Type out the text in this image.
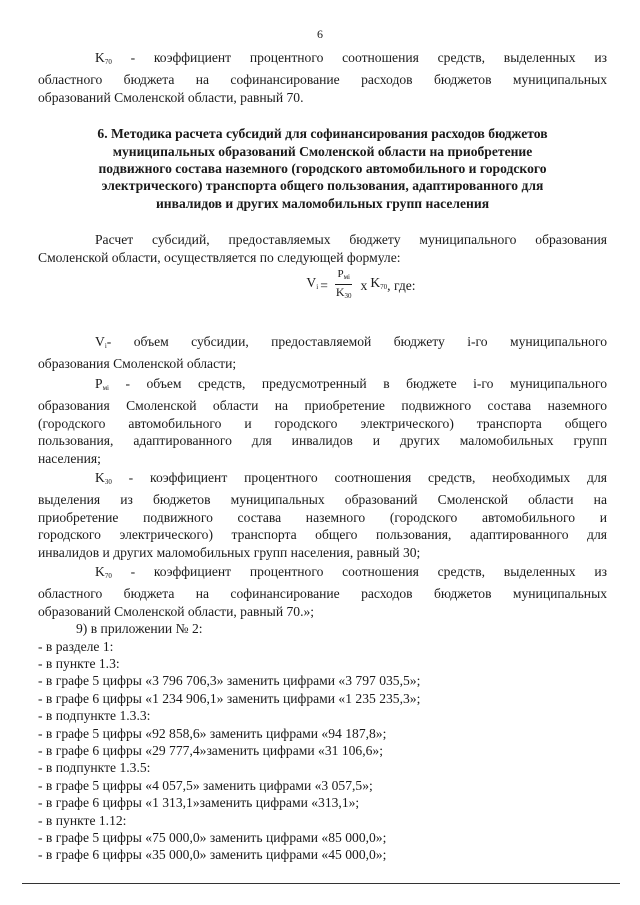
6

$K_{70}$ - коэффициент процентного соотношения средств, выделенных из

областного бюджета на софинансирование расходов бюджетов муниципальных

образований Смоленской области, равный 70.

6. Методика расчета субсидий для софинансирования расходов бюджетов
муниципальных образований Смоленской области на приобретение
подвижного состава наземного (городского автомобильного и городского
электрического) транспорта общего пользования, адаптированного для
инвалидов и других маломобильных групп населения

Расчет субсидий, предоставляемых бюджету муниципального образования

Смоленской области, осуществляется по следующей формуле:

$V_i = \frac{P_{мi}}{K_{30}}$ х $K_{70}$ , где:

$V_i-$ объем субсидии, предоставляемой бюджету i-го муниципального

образования Смоленской области;

$P_{мi}$ - объем средств, предусмотренный в бюджете i-го муниципального

образования Смоленской области на приобретение подвижного состава наземного

(городского автомобильного и городского электрического) транспорта общего

пользования, адаптированного для инвалидов и других маломобильных групп

населения;

$K_{30}$ - коэффициент процентного соотношения средств, необходимых для

выделения из бюджетов муниципальных образований Смоленской области на

приобретение подвижного состава наземного (городского автомобильного и

городского электрического) транспорта общего пользования, адаптированного для

инвалидов и других маломобильных групп населения, равный 30;

$K_{70}$ - коэффициент процентного соотношения средств, выделенных из

областного бюджета на софинансирование расходов бюджетов муниципальных

образований Смоленской области, равный 70.»;

9) в приложении № 2:

- в разделе 1:

- в пункте 1.3:

- в графе 5 цифры «3 796 706,3» заменить цифрами «3 797 035,5»;

- в графе 6 цифры «1 234 906,1» заменить цифрами «1 235 235,3»;

- в подпункте 1.3.3:

- в графе 5 цифры «92 858,6» заменить цифрами «94 187,8»;

- в графе 6 цифры «29 777,4»заменить цифрами «31 106,6»;

- в подпункте 1.3.5:

- в графе 5 цифры «4 057,5» заменить цифрами «3 057,5»;

- в графе 6 цифры «1 313,1»заменить цифрами «313,1»;

- в пункте 1.12:

- в графе 5 цифры «75 000,0» заменить цифрами «85 000,0»;

- в графе 6 цифры «35 000,0» заменить цифрами «45 000,0»;
